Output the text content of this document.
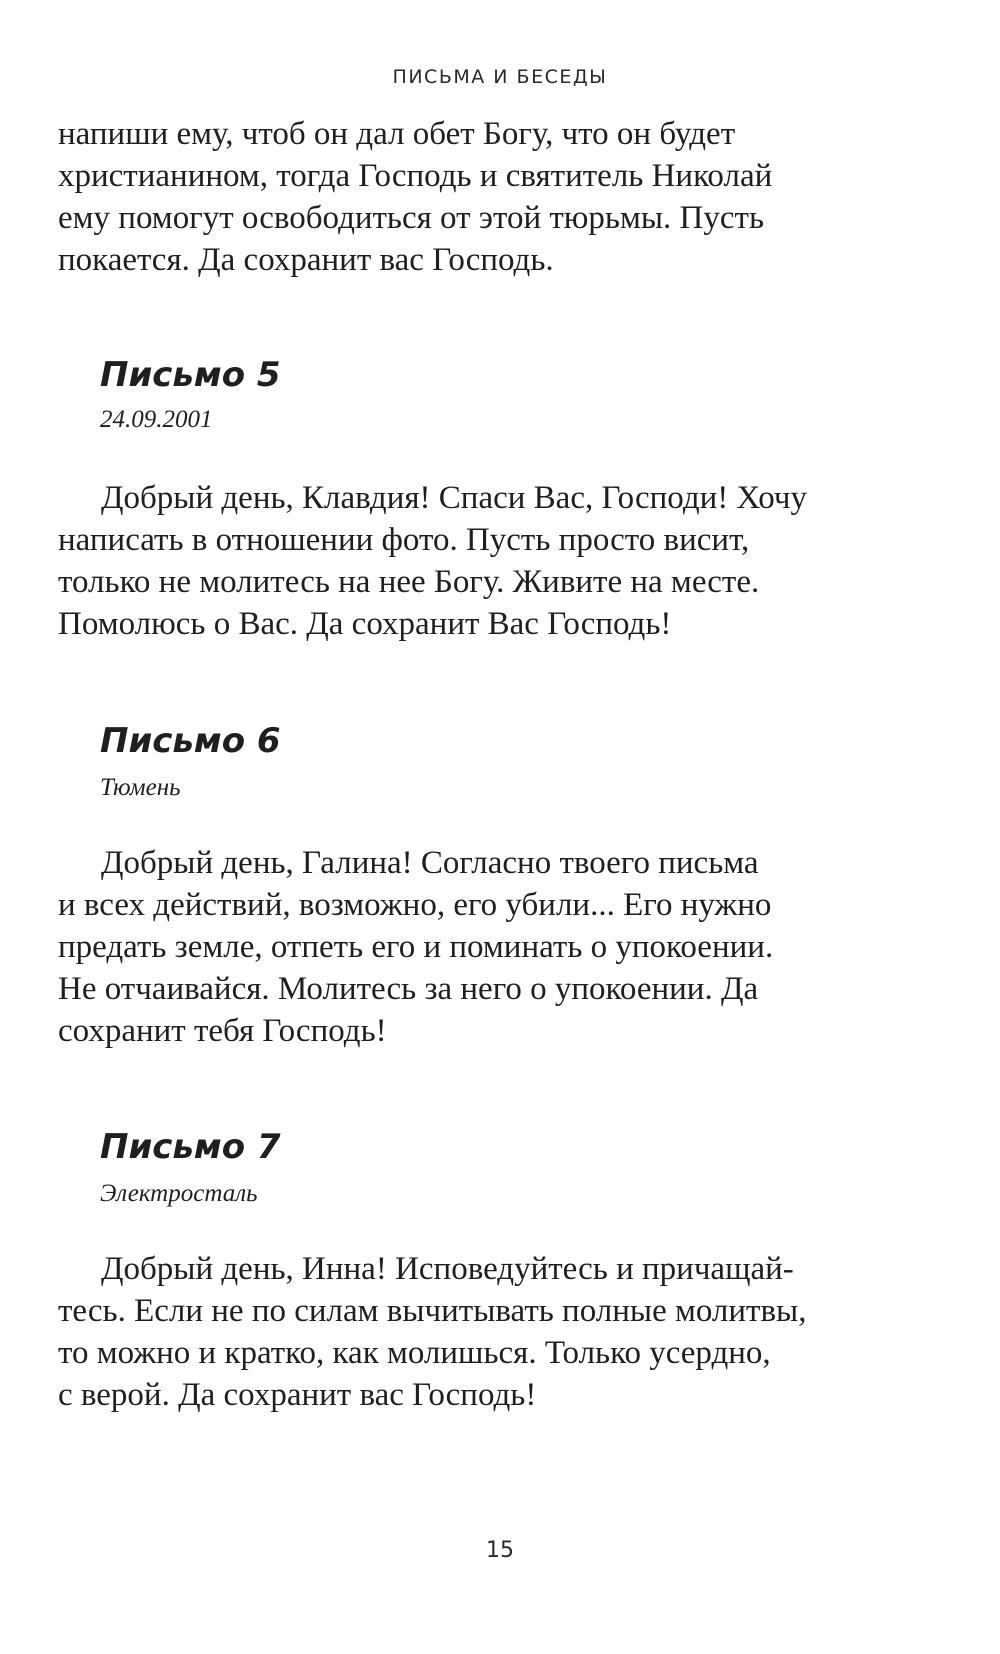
ПИСЬМА И БЕСЕДЫ
напиши ему, чтоб он дал обет Богу, что он будет
христианином, тогда Господь и святитель Николай
ему помогут освободиться от этой тюрьмы. Пусть
покается. Да сохранит вас Господь.
Письмо 5
24.09.2001
Добрый день, Клавдия! Спаси Вас, Господи! Хочу
написать в отношении фото. Пусть просто висит,
только не молитесь на нее Богу. Живите на месте.
Помолюсь о Вас. Да сохранит Вас Господь!
Письмо 6
Тюмень
Добрый день, Галина! Согласно твоего письма
и всех действий, возможно, его убили... Его нужно
предать земле, отпеть его и поминать о упокоении.
Не отчаивайся. Молитесь за него о упокоении. Да
сохранит тебя Господь!
Письмо 7
Электросталь
Добрый день, Инна! Исповедуйтесь и причащай-
тесь. Если не по силам вычитывать полные молитвы,
то можно и кратко, как молишься. Только усердно,
с верой. Да сохранит вас Господь!
15
